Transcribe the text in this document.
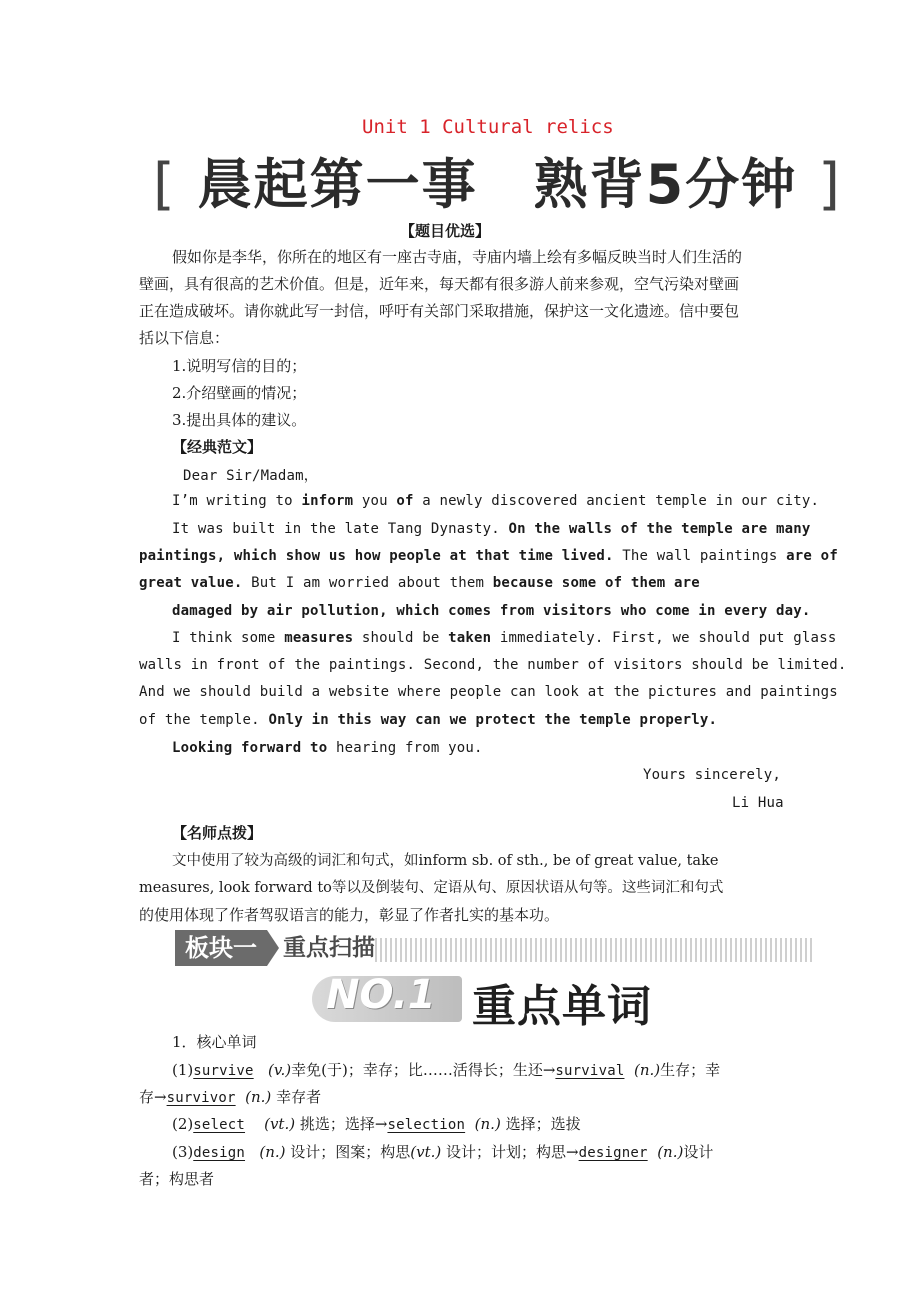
Unit 1 Cultural relics
[ 晨起第一事　熟背5分钟 ]
【题目优选】
假如你是李华，你所在的地区有一座古寺庙，寺庙内墙上绘有多幅反映当时人们生活的
壁画，具有很高的艺术价值。但是，近年来，每天都有很多游人前来参观，空气污染对壁画
正在造成破坏。请你就此写一封信，呼吁有关部门采取措施，保护这一文化遗迹。信中要包
括以下信息：
1.说明写信的目的；
2.介绍壁画的情况；
3.提出具体的建议。
【经典范文】
Dear Sir/Madam，
I’m writing to inform you of a newly discovered ancient temple in our city.
It was built in the late Tang Dynasty. On the walls of the temple are many
paintings, which show us how people at that time lived. The wall paintings are of
great value. But I am worried about them because some of them are
damaged by air pollution, which comes from visitors who come in every day.
I think some measures should be taken immediately. First, we should put glass
walls in front of the paintings. Second, the number of visitors should be limited.
And we should build a website where people can look at the pictures and paintings
of the temple. Only in this way can we protect the temple properly.
Looking forward to hearing from you.
Yours sincerely,
Li Hua
【名师点拨】
文中使用了较为高级的词汇和句式，如inform sb. of sth., be of great value, take
measures, look forward to等以及倒装句、定语从句、原因状语从句等。这些词汇和句式
的使用体现了作者驾驭语言的能力，彰显了作者扎实的基本功。
板块一	重点扫描
NO.1 重点单词
1．核心单词
(1)survive (v.)幸免(于)；幸存；比……活得长；生还→survival (n.)生存；幸
存→survivor (n.) 幸存者
(2)select (vt.) 挑选；选择→selection (n.) 选择；选拔
(3)design (n.) 设计；图案；构思(vt.) 设计；计划；构思→designer (n.)设计
者；构思者
